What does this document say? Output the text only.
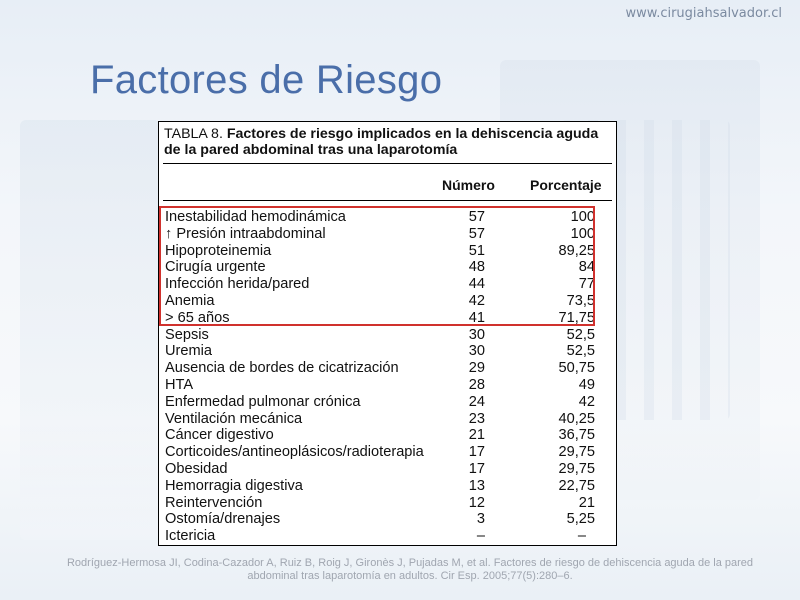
www.cirugiahsalvador.cl
Factores de Riesgo
TABLA 8. Factores de riesgo implicados en la dehiscencia aguda de la pared abdominal tras una laparotomía
Número	Porcentaje
Inestabilidad hemodinámica	57	100
↑ Presión intraabdominal	57	100
Hipoproteinemia	51	89,25
Cirugía urgente	48	84
Infección herida/pared	44	77
Anemia	42	73,5
> 65 años	41	71,75
Sepsis	30	52,5
Uremia	30	52,5
Ausencia de bordes de cicatrización	29	50,75
HTA	28	49
Enfermedad pulmonar crónica	24	42
Ventilación mecánica	23	40,25
Cáncer digestivo	21	36,75
Corticoides/antineoplásicos/radioterapia	17	29,75
Obesidad	17	29,75
Hemorragia digestiva	13	22,75
Reintervención	12	21
Ostomía/drenajes	3	5,25
Ictericia	–	–
Rodríguez-Hermosa JI, Codina-Cazador A, Ruiz B, Roig J, Gironès J, Pujadas M, et al. Factores de riesgo de dehiscencia aguda de la pared
abdominal tras laparotomía en adultos. Cir Esp. 2005;77(5):280–6.
